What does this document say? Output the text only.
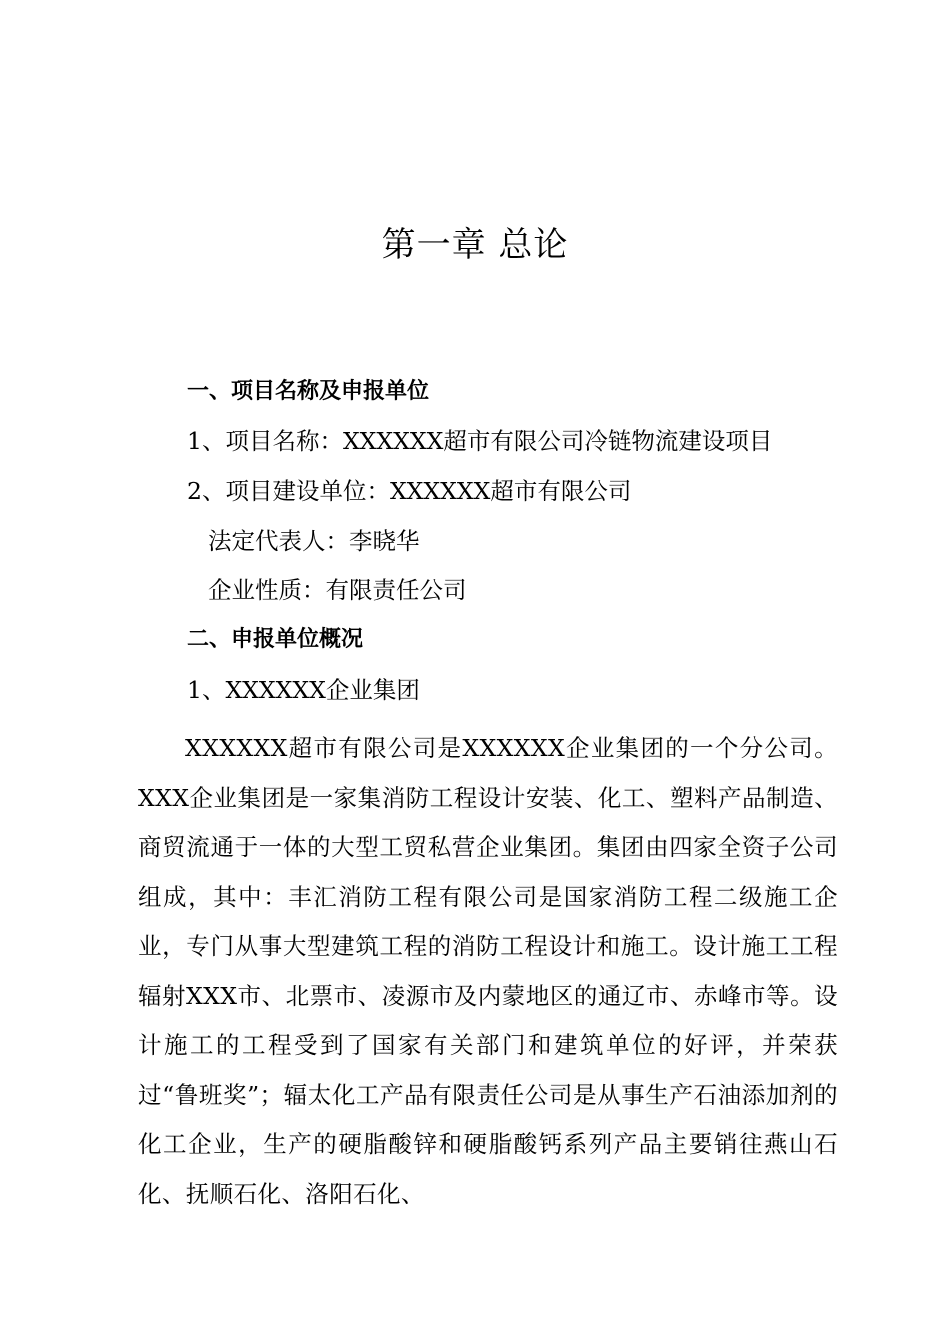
第一章 总论
一、项目名称及申报单位
1、项目名称：XXXXXX超市有限公司冷链物流建设项目
2、项目建设单位：XXXXXX超市有限公司
法定代表人：李晓华
企业性质：有限责任公司
二、申报单位概况
1、XXXXXX企业集团
XXXXXX超市有限公司是XXXXXX企业集团的一个分公司。XXX企业集团是一家集消防工程设计安装、化工、塑料产品制造、商贸流通于一体的大型工贸私营企业集团。集团由四家全资子公司组成，其中：丰汇消防工程有限公司是国家消防工程二级施工企业，专门从事大型建筑工程的消防工程设计和施工。设计施工工程辐射XXX市、北票市、凌源市及内蒙地区的通辽市、赤峰市等。设计施工的工程受到了国家有关部门和建筑单位的好评，并荣获过“鲁班奖”；辐太化工产品有限责任公司是从事生产石油添加剂的化工企业，生产的硬脂酸锌和硬脂酸钙系列产品主要销往燕山石化、抚顺石化、洛阳石化、
